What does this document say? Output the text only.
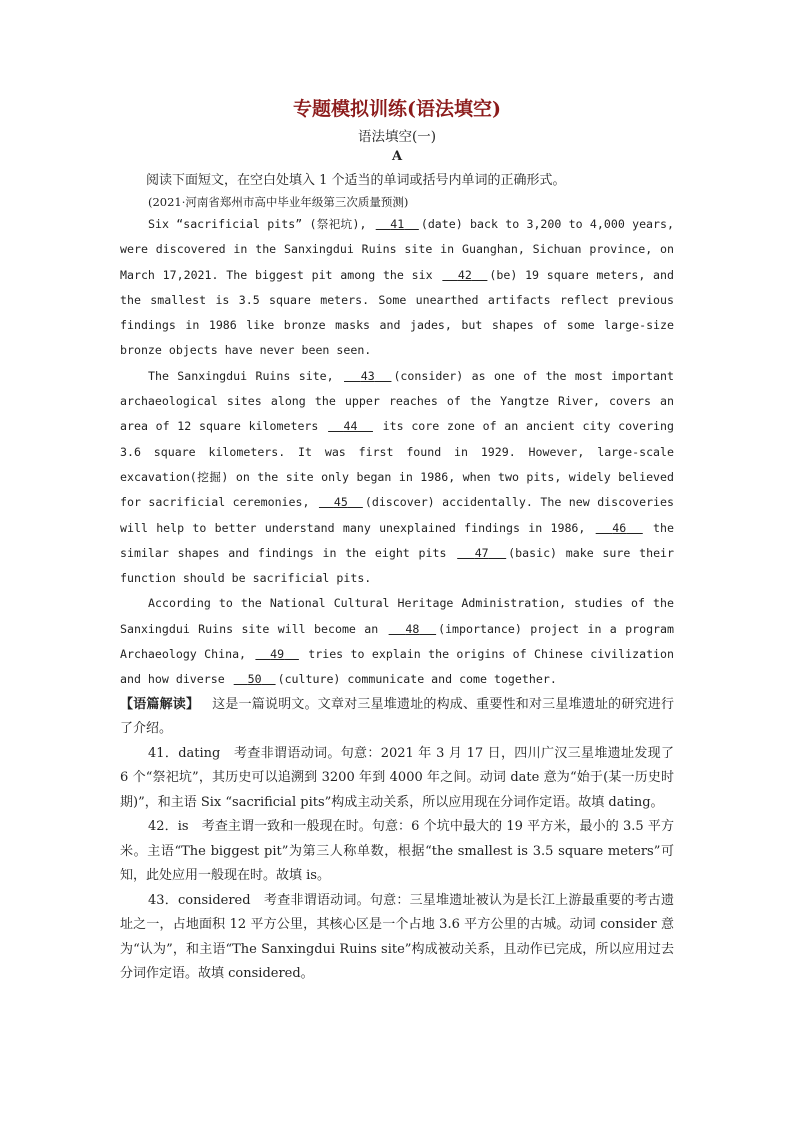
专题模拟训练(语法填空)
语法填空(一)
A
阅读下面短文，在空白处填入 1 个适当的单词或括号内单词的正确形式。
(2021·河南省郑州市高中毕业年级第三次质量预测)

Six “sacrificial pits” (祭祀坑),   41 (date) back to 3,200 to 4,000 years, were discovered in the Sanxingdui Ruins site in Guanghan, Sichuan province, on March 17,2021. The biggest pit among the six   42 (be) 19 square meters, and the smallest is 3.5 square meters. Some unearthed artifacts reflect previous findings in 1986 like bronze masks and jades, but shapes of some large-size bronze objects have never been seen.

The Sanxingdui Ruins site,   43 (consider) as one of the most important archaeological sites along the upper reaches of the Yangtze River, covers an area of 12 square kilometers   44   its core zone of an ancient city covering 3.6 square kilometers. It was first found in 1929. However, large-scale excavation(挖掘) on the site only began in 1986, when two pits, widely believed for sacrificial ceremonies,   45 (discover) accidentally. The new discoveries will help to better understand many unexplained findings in 1986,   46   the similar shapes and findings in the eight pits   47 (basic) make sure their function should be sacrificial pits.

According to the National Cultural Heritage Administration, studies of the Sanxingdui Ruins site will become an   48 (importance) project in a program Archaeology China,   49   tries to explain the origins of Chinese civilization and how diverse   50 (culture) communicate and come together.

【语篇解读】 这是一篇说明文。文章对三星堆遗址的构成、重要性和对三星堆遗址的研究进行了介绍。

41．dating　考查非谓语动词。句意：2021 年 3 月 17 日，四川广汉三星堆遗址发现了 6 个“祭祀坑”，其历史可以追溯到 3200 年到 4000 年之间。动词 date 意为“始于(某一历史时期)”，和主语 Six “sacrificial pits”构成主动关系，所以应用现在分词作定语。故填 dating。

42．is　考查主谓一致和一般现在时。句意：6 个坑中最大的 19 平方米，最小的 3.5 平方米。主语“The biggest pit”为第三人称单数，根据“the smallest is 3.5 square meters”可知，此处应用一般现在时。故填 is。

43．considered　考查非谓语动词。句意：三星堆遗址被认为是长江上游最重要的考古遗址之一，占地面积 12 平方公里，其核心区是一个占地 3.6 平方公里的古城。动词 consider 意为“认为”，和主语“The Sanxingdui Ruins site”构成被动关系，且动作已完成，所以应用过去分词作定语。故填 considered。
